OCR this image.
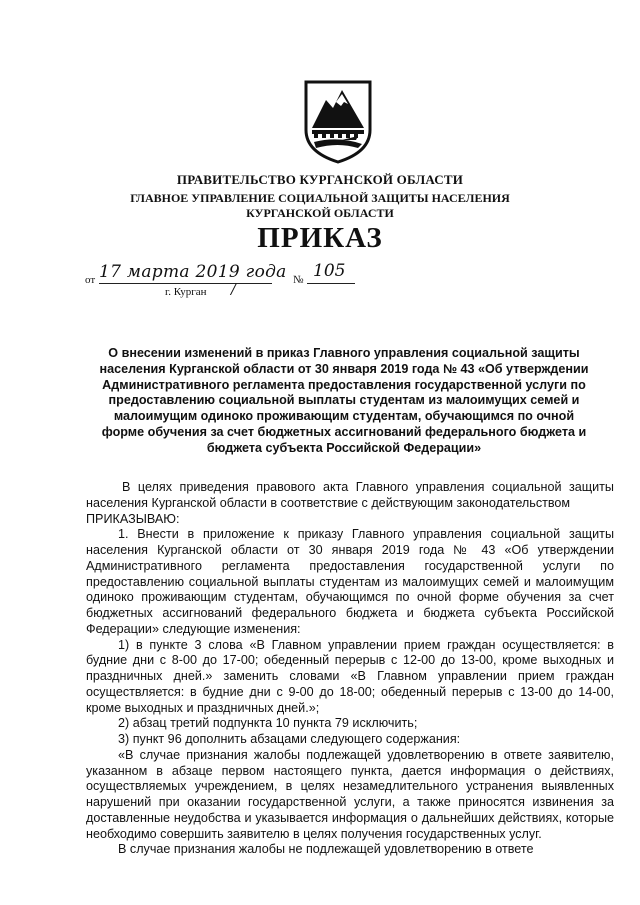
ПРАВИТЕЛЬСТВО КУРГАНСКОЙ ОБЛАСТИ
ГЛАВНОЕ УПРАВЛЕНИЕ СОЦИАЛЬНОЙ ЗАЩИТЫ НАСЕЛЕНИЯ
КУРГАНСКОЙ ОБЛАСТИ
ПРИКАЗ
от 17 марта 2019 года № 105
г. Курган /
О внесении изменений в приказ Главного управления социальной защиты населения Курганской области от 30 января 2019 года № 43 «Об утверждении Административного регламента предоставления государственной услуги по предоставлению социальной выплаты студентам из малоимущих семей и малоимущим одиноко проживающим студентам, обучающимся по очной форме обучения за счет бюджетных ассигнований федерального бюджета и бюджета субъекта Российской Федерации»

В целях приведения правового акта Главного управления социальной защиты населения Курганской области в соответствие с действующим законодательством

ПРИКАЗЫВАЮ:

1. Внести в приложение к приказу Главного управления социальной защиты населения Курганской области от 30 января 2019 года № 43 «Об утверждении Административного регламента предоставления государственной услуги по предоставлению социальной выплаты студентам из малоимущих семей и малоимущим одиноко проживающим студентам, обучающимся по очной форме обучения за счет бюджетных ассигнований федерального бюджета и бюджета субъекта Российской Федерации» следующие изменения:

1) в пункте 3 слова «В Главном управлении прием граждан осуществляется: в будние дни с 8-00 до 17-00; обеденный перерыв с 12-00 до 13-00, кроме выходных и праздничных дней.» заменить словами «В Главном управлении прием граждан осуществляется: в будние дни с 9-00 до 18-00; обеденный перерыв с 13-00 до 14-00, кроме выходных и праздничных дней.»;

2) абзац третий подпункта 10 пункта 79 исключить;

3) пункт 96 дополнить абзацами следующего содержания:

«В случае признания жалобы подлежащей удовлетворению в ответе заявителю, указанном в абзаце первом настоящего пункта, дается информация о действиях, осуществляемых учреждением, в целях незамедлительного устранения выявленных нарушений при оказании государственной услуги, а также приносятся извинения за доставленные неудобства и указывается информация о дальнейших действиях, которые необходимо совершить заявителю в целях получения государственных услуг.

В случае признания жалобы не подлежащей удовлетворению в ответе
